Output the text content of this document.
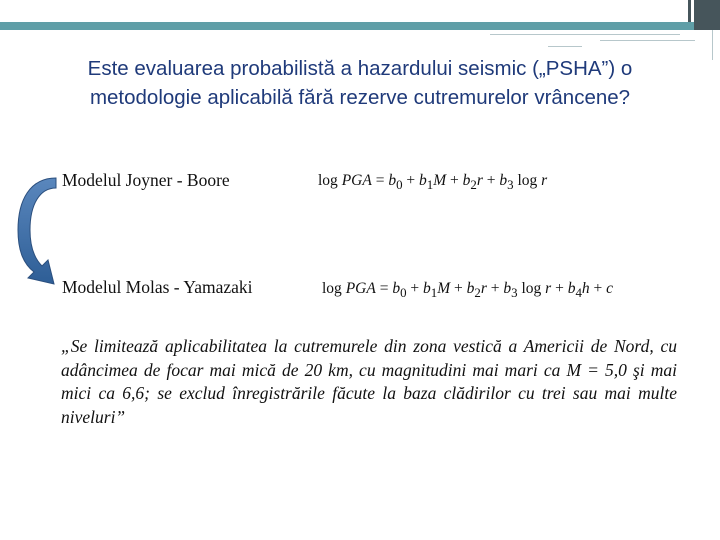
Este evaluarea probabilistă a hazardului seismic („PSHA”) o metodologie aplicabilă fără rezerve cutremurelor vrâncene?
Modelul Joyner - Boore	log PGA = $b_0 + b_1M + b_2r + b_3$ log r
Modelul Molas - Yamazaki	log PGA = $b_0 + b_1M + b_2r + b_3$ $\log r + b_4h + c$
„Se limitează aplicabilitatea la cutremurele din zona vestică a Americii de Nord, cu adâncimea de focar mai mică de 20 km, cu magnitudini mai mari ca M = 5,0 şi mai mici ca 6,6; se exclud înregistrările făcute la baza clădirilor cu trei sau mai multe niveluri”
